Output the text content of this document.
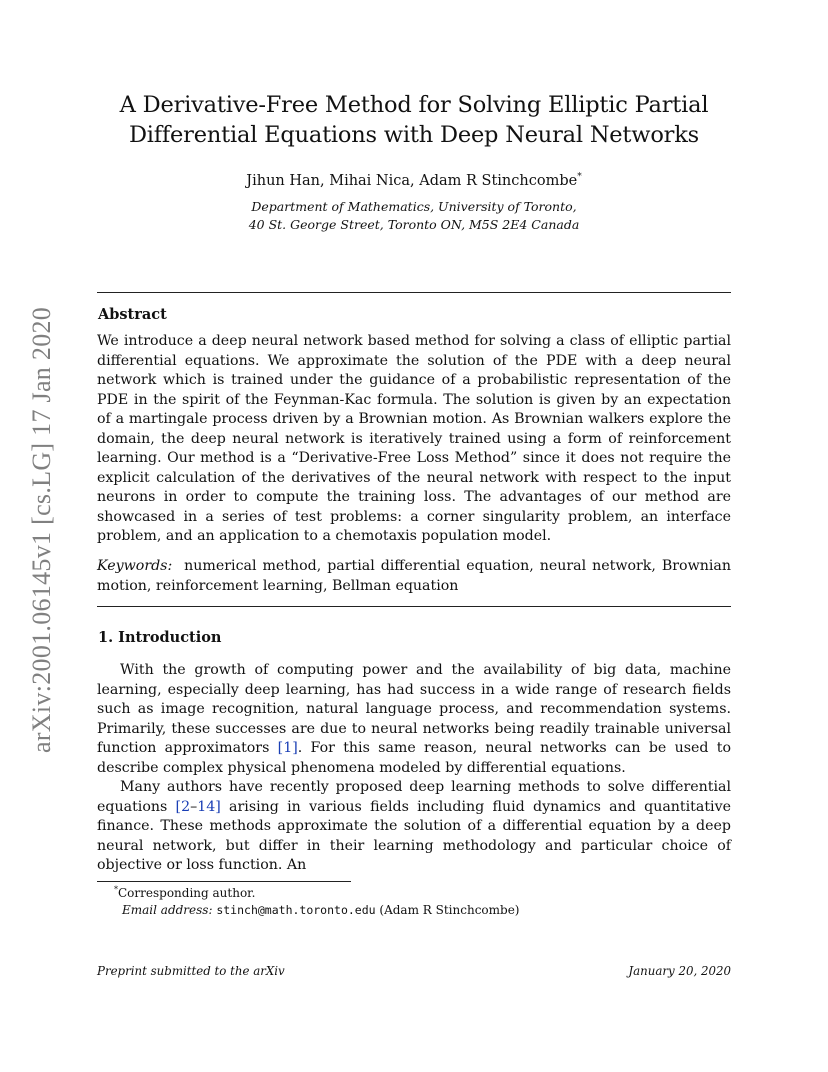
arXiv:2001.06145v1 [cs.LG] 17 Jan 2020
A Derivative-Free Method for Solving Elliptic Partial Differential Equations with Deep Neural Networks
Jihun Han, Mihai Nica, Adam R Stinchcombe*
Department of Mathematics, University of Toronto,
40 St. George Street, Toronto ON, M5S 2E4 Canada
Abstract

We introduce a deep neural network based method for solving a class of elliptic partial differential equations. We approximate the solution of the PDE with a deep neural network which is trained under the guidance of a probabilistic representation of the PDE in the spirit of the Feynman-Kac formula. The solution is given by an expectation of a martingale process driven by a Brownian motion. As Brownian walkers explore the domain, the deep neural network is iteratively trained using a form of reinforcement learning. Our method is a “Derivative-Free Loss Method” since it does not require the explicit calculation of the derivatives of the neural network with respect to the input neurons in order to compute the training loss. The advantages of our method are showcased in a series of test problems: a corner singularity problem, an interface problem, and an application to a chemotaxis population model.

Keywords: numerical method, partial differential equation, neural network, Brownian motion, reinforcement learning, Bellman equation

1. Introduction

With the growth of computing power and the availability of big data, machine learning, especially deep learning, has had success in a wide range of research fields such as image recognition, natural language process, and recommendation systems. Primarily, these successes are due to neural networks being readily trainable universal function approximators [1]. For this same reason, neural networks can be used to describe complex physical phenomena modeled by differential equations.

Many authors have recently proposed deep learning methods to solve differential equations [2–14] arising in various fields including fluid dynamics and quantitative finance. These methods approximate the solution of a differential equation by a deep neural network, but differ in their learning methodology and particular choice of objective or loss function. An

*Corresponding author.
Email address: stinch@math.toronto.edu (Adam R Stinchcombe)
Preprint submitted to the arXiv	January 20, 2020
